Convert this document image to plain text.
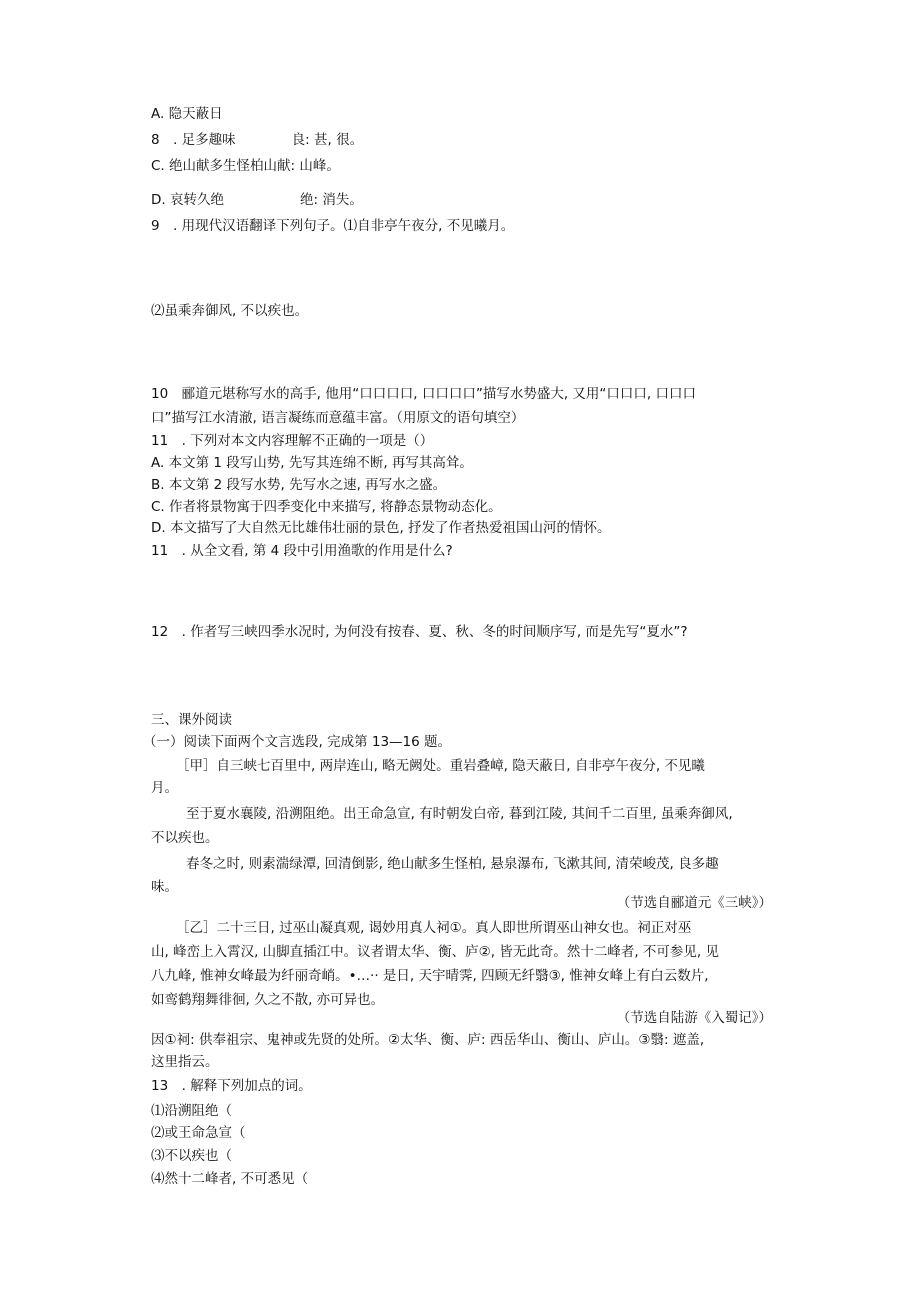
A. 隐天蔽日
8　. 足多趣味	良: 甚, 很。
C. 绝山献多生怪柏山献: 山峰。
D. 哀转久绝	绝: 消失。
9　. 用现代汉语翻译下列句子。⑴自非亭午夜分, 不见曦月。
⑵虽乘奔御风, 不以疾也。
10　郦道元堪称写水的高手, 他用“口口口口, 口口口口”描写水势盛大, 又用“口口口, 口口口
口”描写江水清澈, 语言凝练而意蕴丰富。（用原文的语句填空）
11　. 下列对本文内容理解不正确的一项是（）
A. 本文第 1 段写山势, 先写其连绵不断, 再写其高耸。
B. 本文第 2 段写水势, 先写水之速, 再写水之盛。
C. 作者将景物寓于四季变化中来描写, 将静态景物动态化。
D. 本文描写了大自然无比雄伟壮丽的景色, 抒发了作者热爱祖国山河的情怀。
11　. 从全文看, 第 4 段中引用渔歌的作用是什么?
12　. 作者写三峡四季水况时, 为何没有按春、夏、秋、冬的时间顺序写, 而是先写“夏水”?
三、课外阅读
（一）阅读下面两个文言选段, 完成第 13—16 题。
［甲］自三峡七百里中, 两岸连山, 略无阙处。重岩叠嶂, 隐天蔽日, 自非亭午夜分, 不见曦
月。
至于夏水襄陵, 沿溯阻绝。出王命急宣, 有时朝发白帝, 暮到江陵, 其间千二百里, 虽乘奔御风,
不以疾也。
春冬之时, 则素湍绿潭, 回清倒影, 绝山献多生怪柏, 悬泉瀑布, 飞漱其间, 清荣峻茂, 良多趣
味。
（节选自郦道元《三峡》）
［乙］二十三日, 过巫山凝真观, 谒妙用真人祠①。真人即世所谓巫山神女也。祠正对巫
山, 峰峦上入霄汉, 山脚直插江中。议者谓太华、衡、庐②, 皆无此奇。然十二峰者, 不可参见, 见
八九峰, 惟神女峰最为纤丽奇峭。•…·· 是日, 天宇晴霁, 四顾无纤翳③, 惟神女峰上有白云数片,
如鸾鹤翔舞徘徊, 久之不散, 亦可异也。
（节选自陆游《入蜀记》）
因①祠: 供奉祖宗、鬼神或先贤的处所。②太华、衡、庐: 西岳华山、衡山、庐山。③翳: 遮盖,
这里指云。
13　. 解释下列加点的词。
⑴沿溯阻绝（
⑵或王命急宣（
⑶不以疾也（
⑷然十二峰者, 不可悉见（
